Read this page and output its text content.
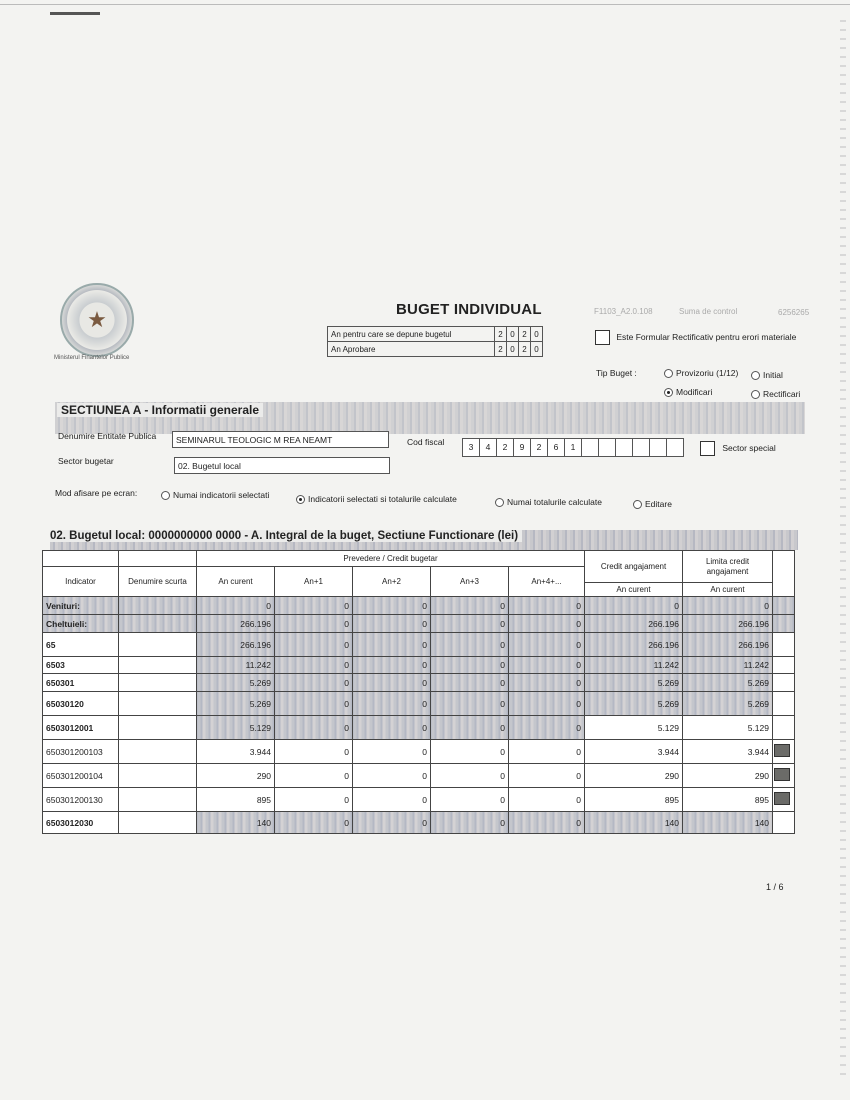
★
Ministerul Finantelor Publice
BUGET INDIVIDUAL	F1103_A2.0.108	Suma de control	6256265
An pentru care se depune bugetul	2	0	2	0
An Aprobare	2	0	2	0
Este Formular Rectificativ pentru erori materiale
Tip Buget :	Provizoriu (1/12)	Initial
Modificari	Rectificari
SECTIUNEA A - Informatii generale
Denumire Entitate Publica	SEMINARUL TEOLOGIC M REA NEAMT	Cod fiscal	3	4	2	9	2	6	1	Sector special
Sector bugetar	02. Bugetul local
Mod afisare pe ecran:	Numai indicatorii selectati	Indicatorii selectati si totalurile calculate	Numai totalurile calculate	Editare
02. Bugetul local: 0000000000 0000 - A. Integral de la buget, Sectiune Functionare (lei)
		Prevedere / Credit bugetar					Credit angajament	Limita credit angajament	
Indicator	Denumire scurta	An curent	An+1	An+2	An+3	An+4+...			
							An curent	An curent	
Venituri:		0	0	0	0	0	0	0	
Cheltuieli:		266.196	0	0	0	0	266.196	266.196	
65		266.196	0	0	0	0	266.196	266.196	
6503		11.242	0	0	0	0	11.242	11.242	
650301		5.269	0	0	0	0	5.269	5.269	
65030120		5.269	0	0	0	0	5.269	5.269	
6503012001		5.129	0	0	0	0	5.129	5.129	
650301200103		3.944	0	0	0	0	3.944	3.944	
650301200104		290	0	0	0	0	290	290	
650301200130		895	0	0	0	0	895	895	
6503012030		140	0	0	0	0	140	140	
1 / 6
